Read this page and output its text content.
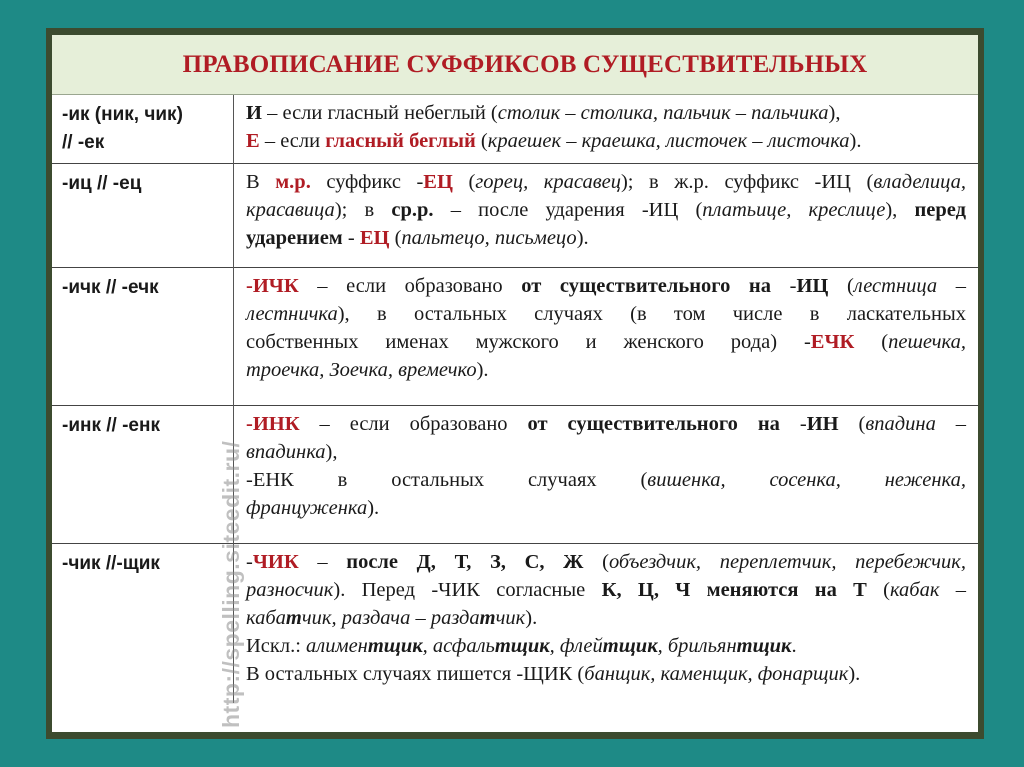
ПРАВОПИСАНИЕ СУФФИКСОВ СУЩЕСТВИТЕЛЬНЫХ
-ик (ник, чик)
// -ек	И – если гласный небеглый (столик – столика, пальчик – пальчика),
Е – если гласный беглый (краешек – краешка, листочек – листочка).

-иц // -ец	В м.р. суффикс -ЕЦ (горец, красавец); в ж.р. суффикс -ИЦ (владелица,
красавица); в ср.р. – после ударения -ИЦ (платьице, креслице), перед
ударением - ЕЦ (пальтецо, письмецо).

-ичк // -ечк	-ИЧК – если образовано от существительного на -ИЦ (лестница –
лестничка), в остальных случаях (в том числе в ласкательных
собственных именах мужского и женского рода) -ЕЧК (пешечка,
троечка, Зоечка, времечко).

-инк // -енк	-ИНК – если образовано от существительного на -ИН (впадина –
впадинка),
-ЕНК в остальных случаях (вишенка, сосенка, неженка,
француженка).

-чик //-щик	-ЧИК – после Д, Т, З, С, Ж (объездчик, переплетчик, перебежчик,
разносчик). Перед -ЧИК согласные К, Ц, Ч меняются на Т (кабак –
кабатчик, раздача – раздатчик).
Искл.: алиментщик, асфальтщик, флейтщик, брильянтщик.
В остальных случаях пишется -ЩИК (банщик, каменщик, фонарщик).
http://spelling.siteedit.ru/
